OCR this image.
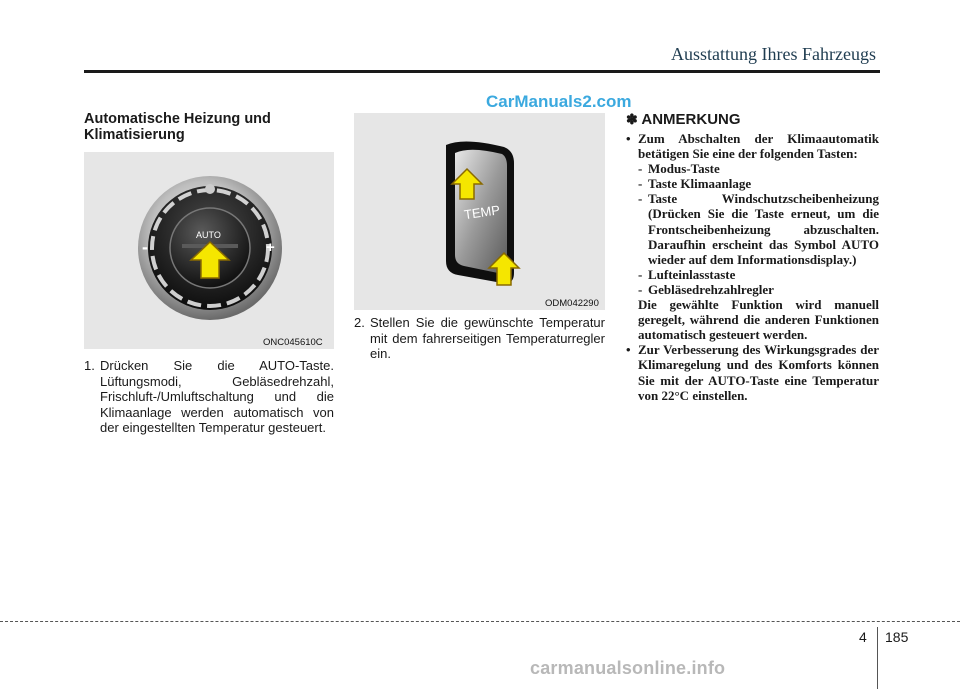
Ausstattung Ihres Fahrzeugs
CarManuals2.com
Automatische Heizung und Klimatisierung
-	+
AUTO
ONC045610C
1. Drücken Sie die AUTO-Taste. Lüftungsmodi, Gebläsedrehzahl, Frischluft-/Umluftschaltung und die Klimaanlage werden automatisch von der eingestellten Temperatur gesteuert.
TEMP
ODM042290
2. Stellen Sie die gewünschte Temperatur mit dem fahrerseitigen Temperaturregler ein.
✽ ANMERKUNG
• Zum Abschalten der Klimaautomatik betätigen Sie eine der folgenden Tasten:
- Modus-Taste
- Taste Klimaanlage
- Taste Windschutzscheibenheizung (Drücken Sie die Taste erneut, um die Frontscheibenheizung abzuschalten. Daraufhin erscheint das Symbol AUTO wieder auf dem Informationsdisplay.)
- Lufteinlasstaste
- Gebläsedrehzahlregler
Die gewählte Funktion wird manuell geregelt, während die anderen Funktionen automatisch gesteuert werden.
• Zur Verbesserung des Wirkungsgrades der Klimaregelung und des Komforts können Sie mit der AUTO-Taste eine Temperatur von 22°C einstellen.
4 185
carmanualsonline.info
